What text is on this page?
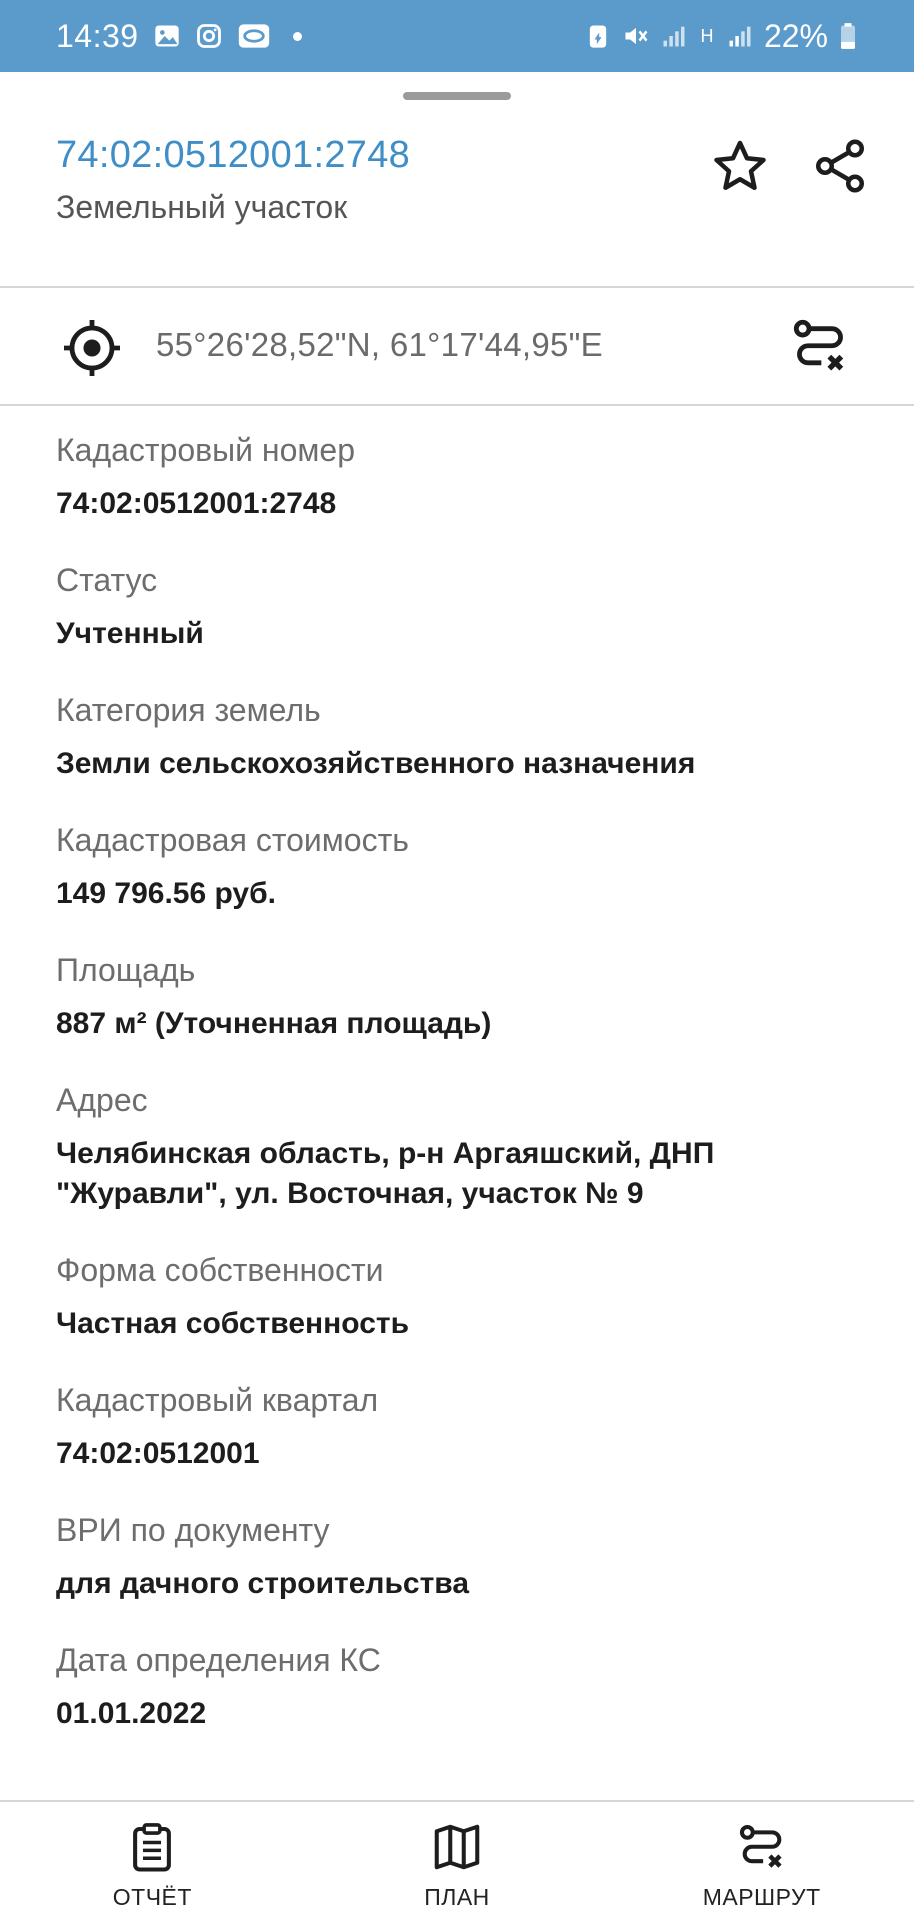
14:39	H 22%
74:02:0512001:2748
Земельный участок
55°26'28,52"N, 61°17'44,95"E
Кадастровый номер
74:02:0512001:2748
Статус
Учтенный
Категория земель
Земли сельскохозяйственного назначения
Кадастровая стоимость
149 796.56 руб.
Площадь
887 м² (Уточненная площадь)
Адрес
Челябинская область, р-н Аргаяшский, ДНП "Журавли", ул. Восточная, участок № 9
Форма собственности
Частная собственность
Кадастровый квартал
74:02:0512001
ВРИ по документу
для дачного строительства
Дата определения КС
01.01.2022
ОТЧЁТ	ПЛАН	МАРШРУТ
